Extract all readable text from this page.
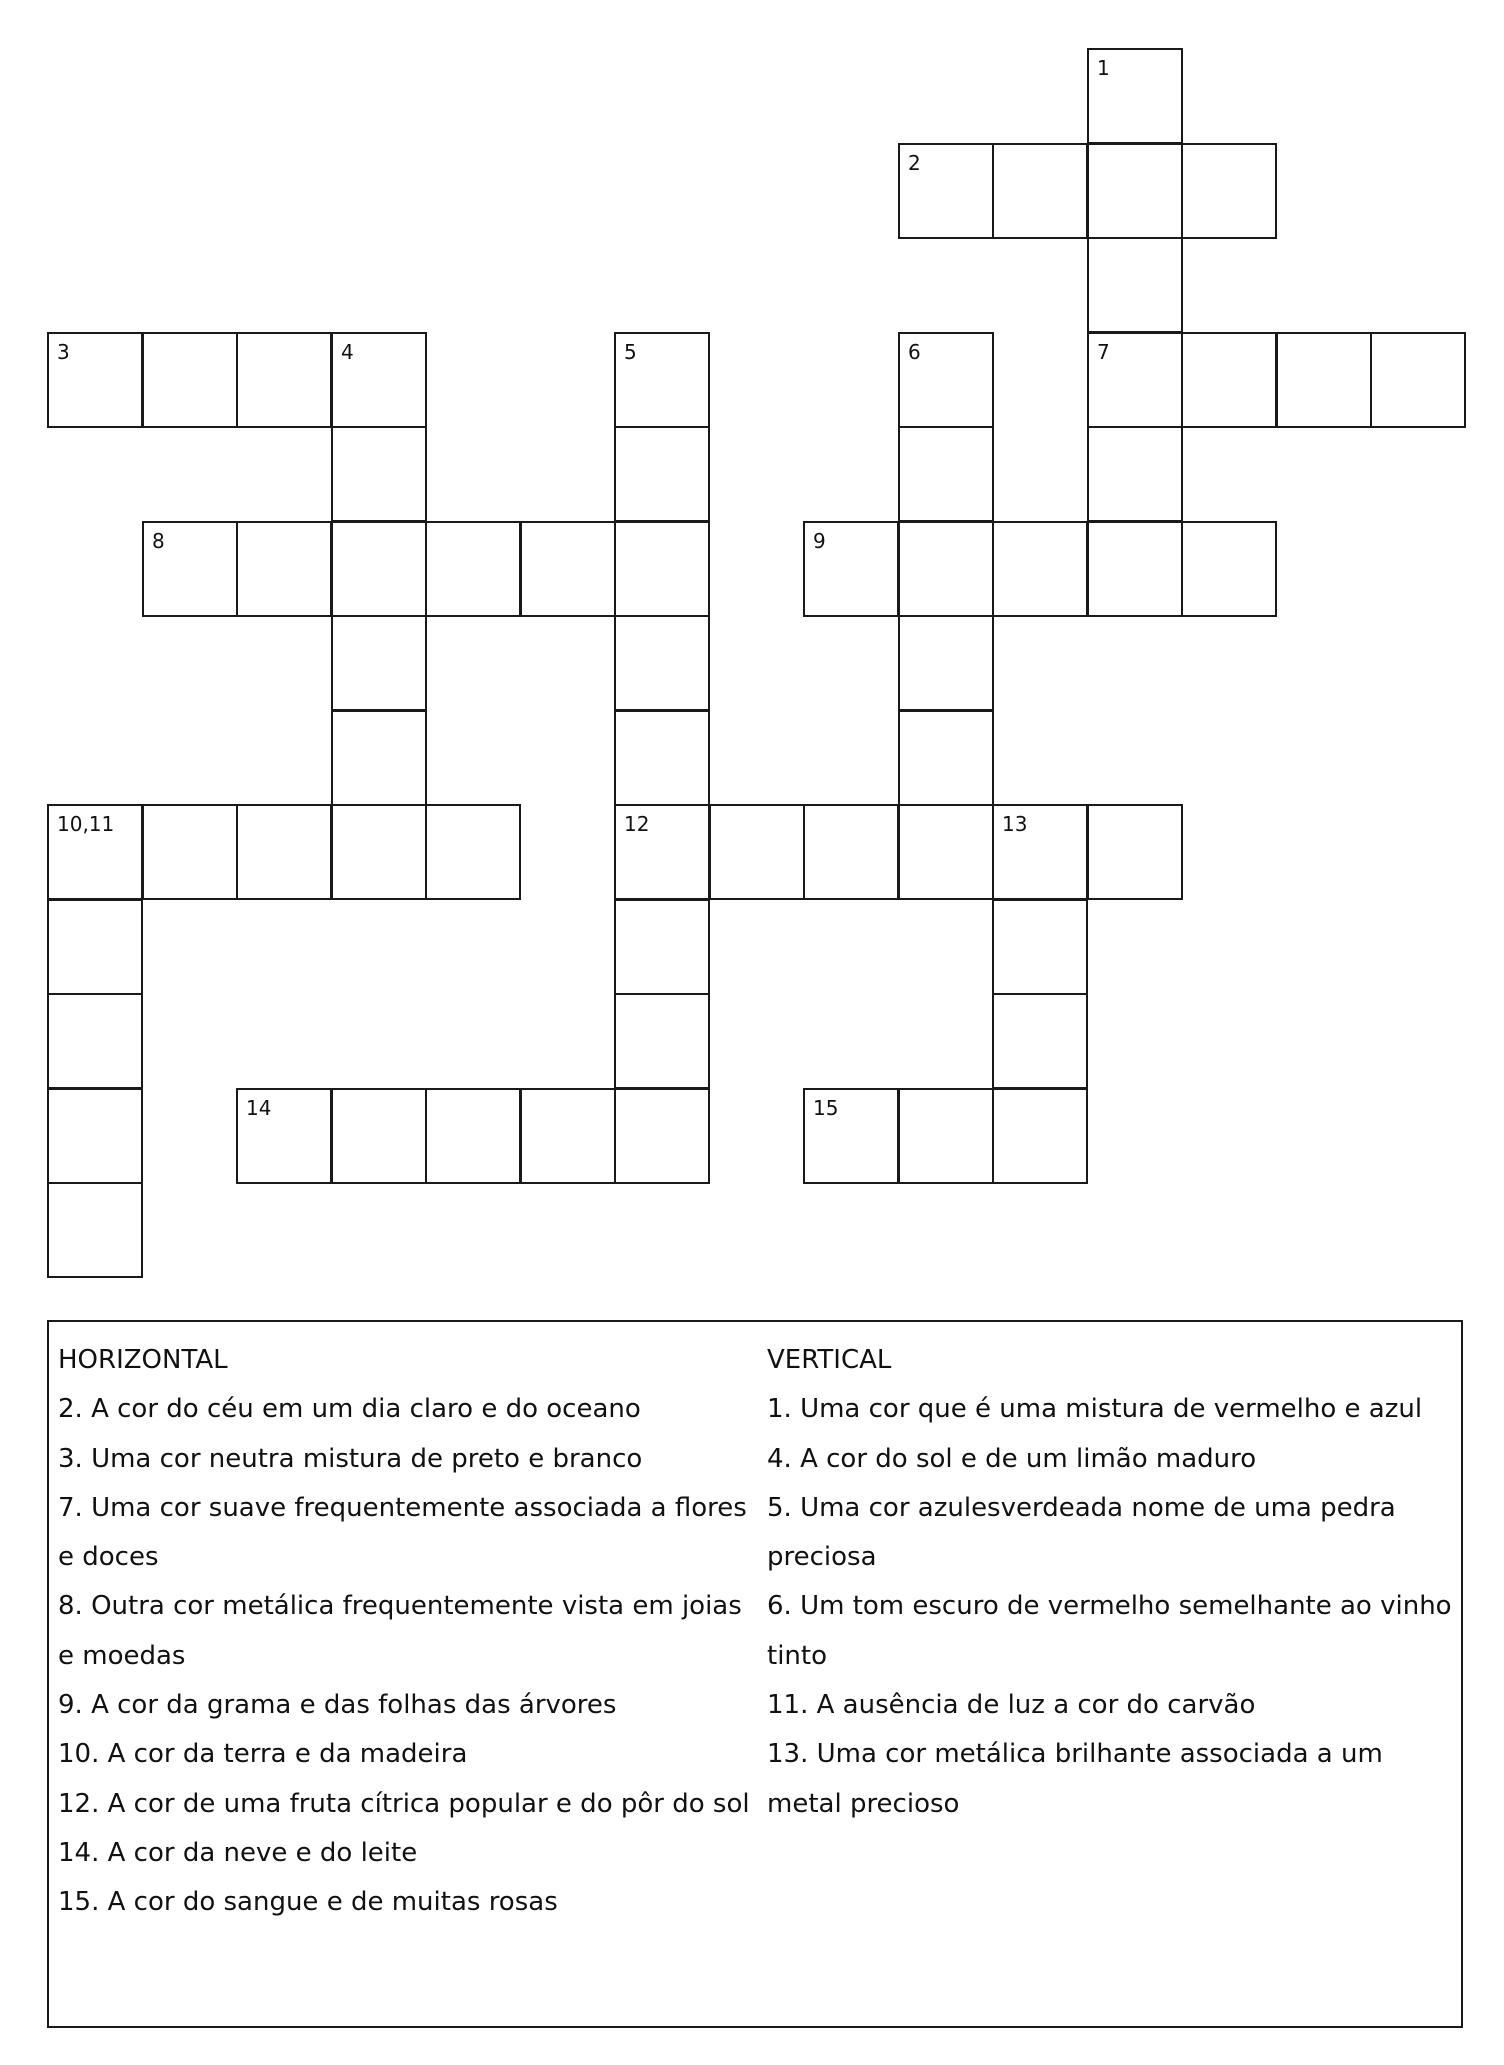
1
2
3	4	5	6	7
8	9
10,11	12	13
14	15
HORIZONTAL
2. A cor do céu em um dia claro e do oceano
3. Uma cor neutra mistura de preto e branco
7. Uma cor suave frequentemente associada a flores e doces
8. Outra cor metálica frequentemente vista em joias e moedas
9. A cor da grama e das folhas das árvores
10. A cor da terra e da madeira
12. A cor de uma fruta cítrica popular e do pôr do sol
14. A cor da neve e do leite
15. A cor do sangue e de muitas rosas
VERTICAL
1. Uma cor que é uma mistura de vermelho e azul
4. A cor do sol e de um limão maduro
5. Uma cor azulesverdeada nome de uma pedra preciosa
6. Um tom escuro de vermelho semelhante ao vinho tinto
11. A ausência de luz a cor do carvão
13. Uma cor metálica brilhante associada a um metal precioso
